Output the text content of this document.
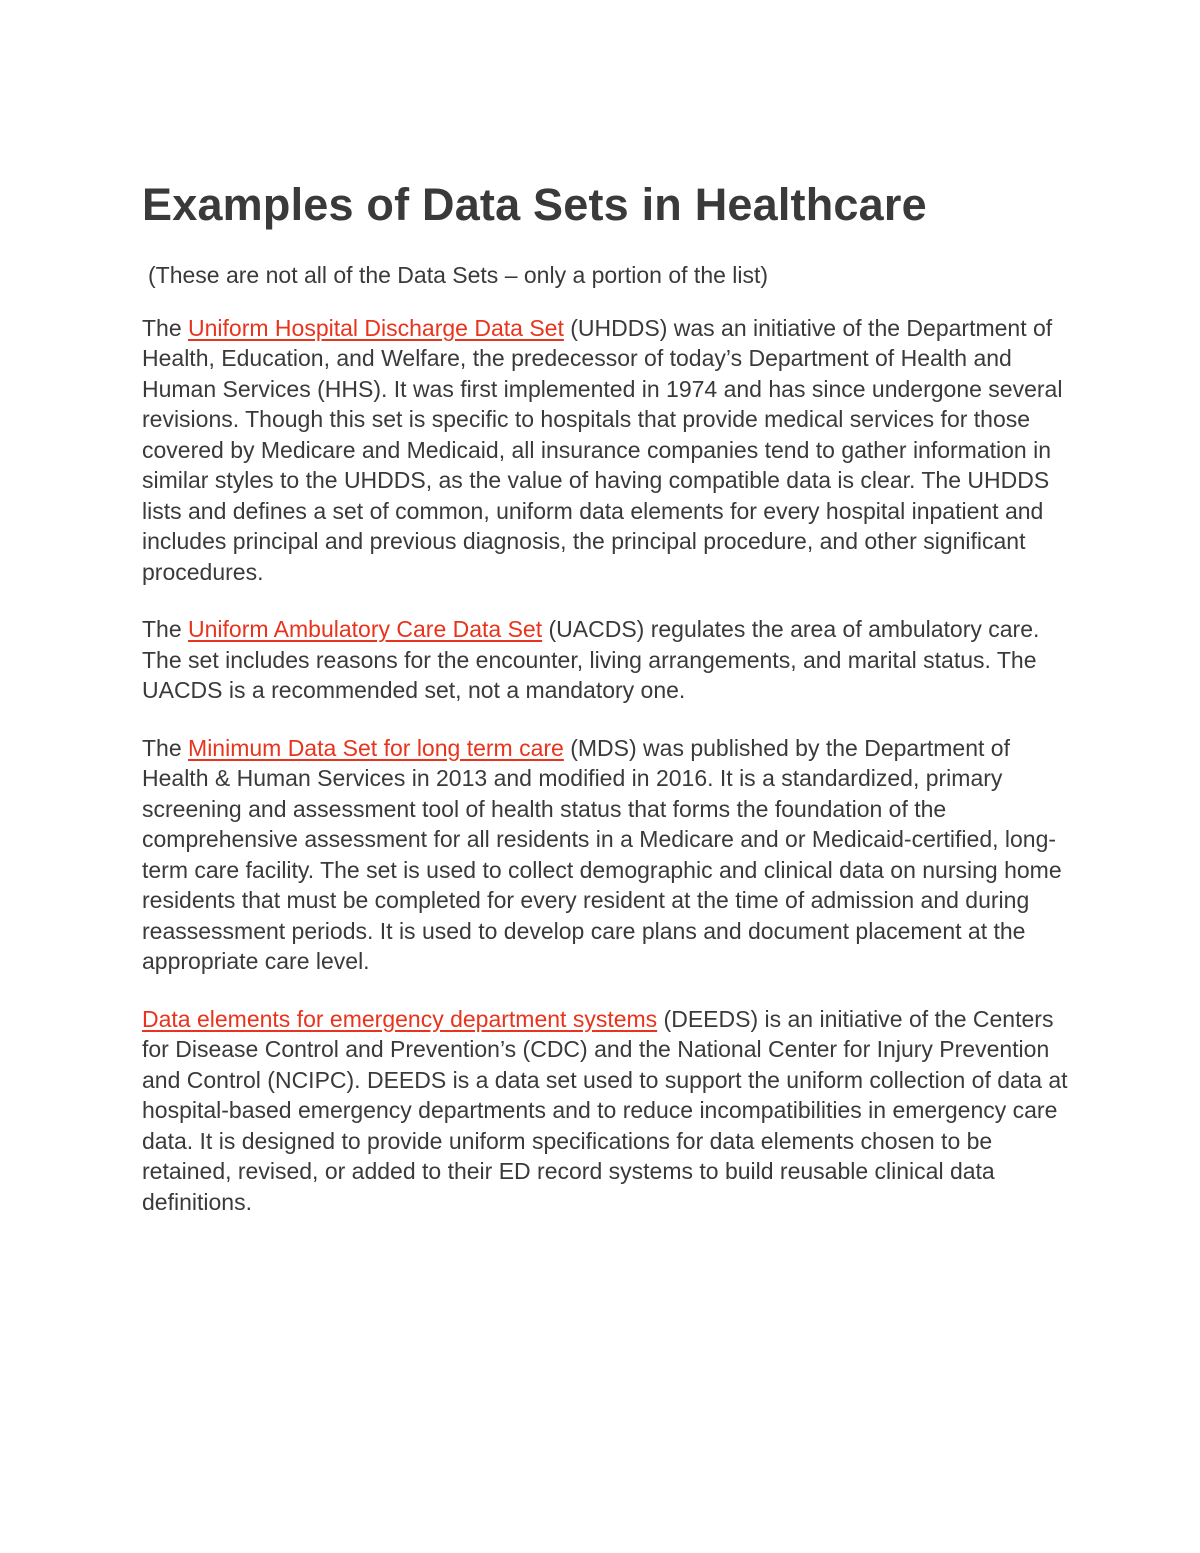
Examples of Data Sets in Healthcare

(These are not all of the Data Sets – only a portion of the list)

The Uniform Hospital Discharge Data Set (UHDDS) was an initiative of the Department of Health, Education, and Welfare, the predecessor of today’s Department of Health and Human Services (HHS). It was first implemented in 1974 and has since undergone several revisions. Though this set is specific to hospitals that provide medical services for those covered by Medicare and Medicaid, all insurance companies tend to gather information in similar styles to the UHDDS, as the value of having compatible data is clear. The UHDDS lists and defines a set of common, uniform data elements for every hospital inpatient and includes principal and previous diagnosis, the principal procedure, and other significant procedures.

The Uniform Ambulatory Care Data Set (UACDS) regulates the area of ambulatory care. The set includes reasons for the encounter, living arrangements, and marital status. The UACDS is a recommended set, not a mandatory one.

The Minimum Data Set for long term care (MDS) was published by the Department of Health & Human Services in 2013 and modified in 2016. It is a standardized, primary screening and assessment tool of health status that forms the foundation of the comprehensive assessment for all residents in a Medicare and or Medicaid-certified, long-term care facility. The set is used to collect demographic and clinical data on nursing home residents that must be completed for every resident at the time of admission and during reassessment periods. It is used to develop care plans and document placement at the appropriate care level.

Data elements for emergency department systems (DEEDS) is an initiative of the Centers for Disease Control and Prevention’s (CDC) and the National Center for Injury Prevention and Control (NCIPC). DEEDS is a data set used to support the uniform collection of data at hospital-based emergency departments and to reduce incompatibilities in emergency care data. It is designed to provide uniform specifications for data elements chosen to be retained, revised, or added to their ED record systems to build reusable clinical data definitions.
